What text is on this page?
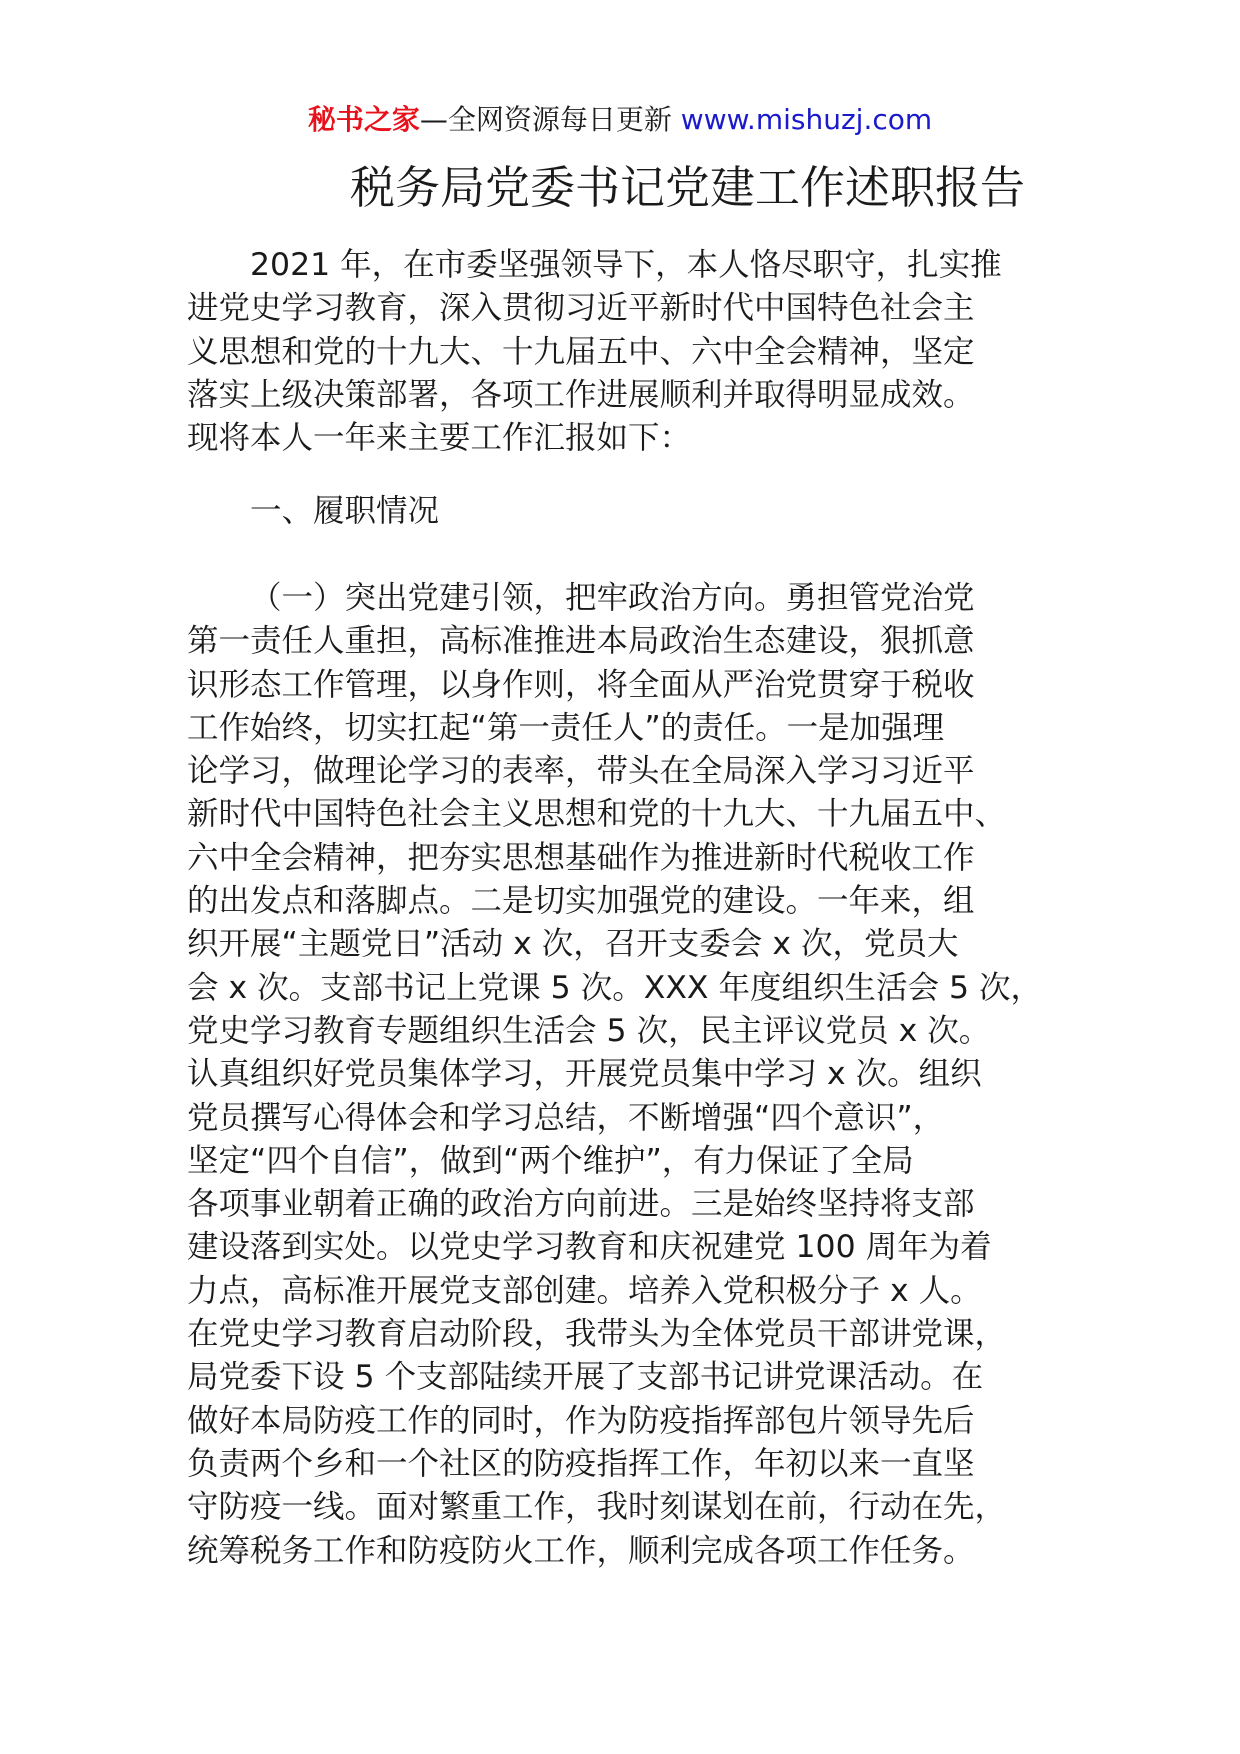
秘书之家—全网资源每日更新 www.mishuzj.com
税务局党委书记党建工作述职报告
2021 年，在市委坚强领导下，本人恪尽职守，扎实推
进党史学习教育，深入贯彻习近平新时代中国特色社会主
义思想和党的十九大、十九届五中、六中全会精神，坚定
落实上级决策部署，各项工作进展顺利并取得明显成效。
现将本人一年来主要工作汇报如下：
一、履职情况
（一）突出党建引领，把牢政治方向。勇担管党治党
第一责任人重担，高标准推进本局政治生态建设，狠抓意
识形态工作管理，以身作则，将全面从严治党贯穿于税收
工作始终，切实扛起“第一责任人”的责任。一是加强理
论学习，做理论学习的表率，带头在全局深入学习习近平
新时代中国特色社会主义思想和党的十九大、十九届五中、
六中全会精神，把夯实思想基础作为推进新时代税收工作
的出发点和落脚点。二是切实加强党的建设。一年来，组
织开展“主题党日”活动 x 次，召开支委会 x 次，党员大
会 x 次。支部书记上党课 5 次。XXX 年度组织生活会 5 次，
党史学习教育专题组织生活会 5 次，民主评议党员 x 次。
认真组织好党员集体学习，开展党员集中学习 x 次。组织
党员撰写心得体会和学习总结，不断增强“四个意识”，
坚定“四个自信”，做到“两个维护”，有力保证了全局
各项事业朝着正确的政治方向前进。三是始终坚持将支部
建设落到实处。以党史学习教育和庆祝建党 100 周年为着
力点，高标准开展党支部创建。培养入党积极分子 x 人。
在党史学习教育启动阶段，我带头为全体党员干部讲党课，
局党委下设 5 个支部陆续开展了支部书记讲党课活动。在
做好本局防疫工作的同时，作为防疫指挥部包片领导先后
负责两个乡和一个社区的防疫指挥工作，年初以来一直坚
守防疫一线。面对繁重工作，我时刻谋划在前，行动在先，
统筹税务工作和防疫防火工作，顺利完成各项工作任务。
